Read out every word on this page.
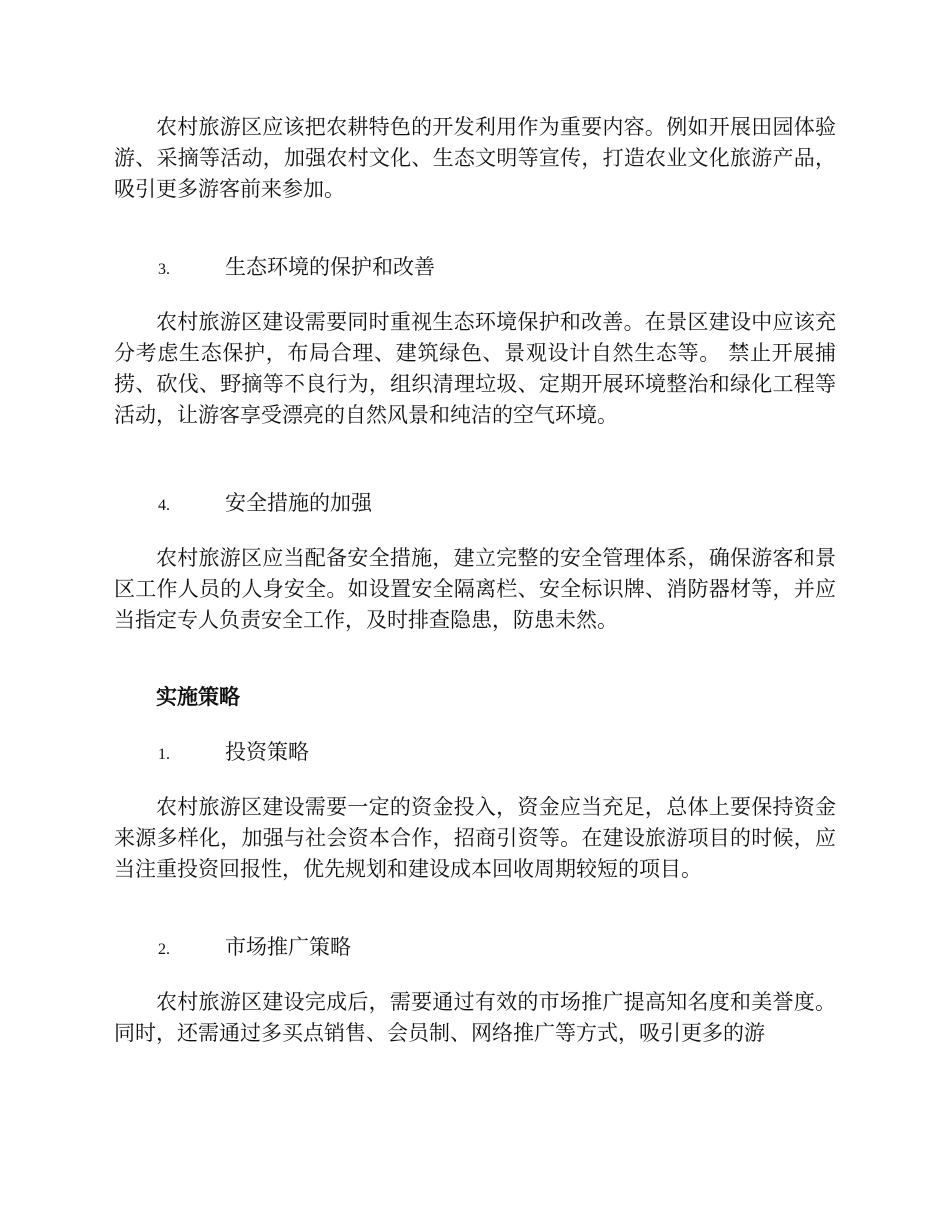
农村旅游区应该把农耕特色的开发利用作为重要内容。例如开展田园体验游、采摘等活动，加强农村文化、生态文明等宣传，打造农业文化旅游产品，吸引更多游客前来参加。

3.	生态环境的保护和改善

农村旅游区建设需要同时重视生态环境保护和改善。在景区建设中应该充分考虑生态保护，布局合理、建筑绿色、景观设计自然生态等。 禁止开展捕捞、砍伐、野摘等不良行为，组织清理垃圾、定期开展环境整治和绿化工程等活动，让游客享受漂亮的自然风景和纯洁的空气环境。

4.	安全措施的加强

农村旅游区应当配备安全措施，建立完整的安全管理体系，确保游客和景区工作人员的人身安全。如设置安全隔离栏、安全标识牌、消防器材等，并应当指定专人负责安全工作，及时排查隐患，防患未然。

实施策略

1.	投资策略

农村旅游区建设需要一定的资金投入，资金应当充足，总体上要保持资金来源多样化，加强与社会资本合作，招商引资等。在建设旅游项目的时候，应当注重投资回报性，优先规划和建设成本回收周期较短的项目。

2.	市场推广策略

农村旅游区建设完成后，需要通过有效的市场推广提高知名度和美誉度。同时，还需通过多买点销售、会员制、网络推广等方式，吸引更多的游
